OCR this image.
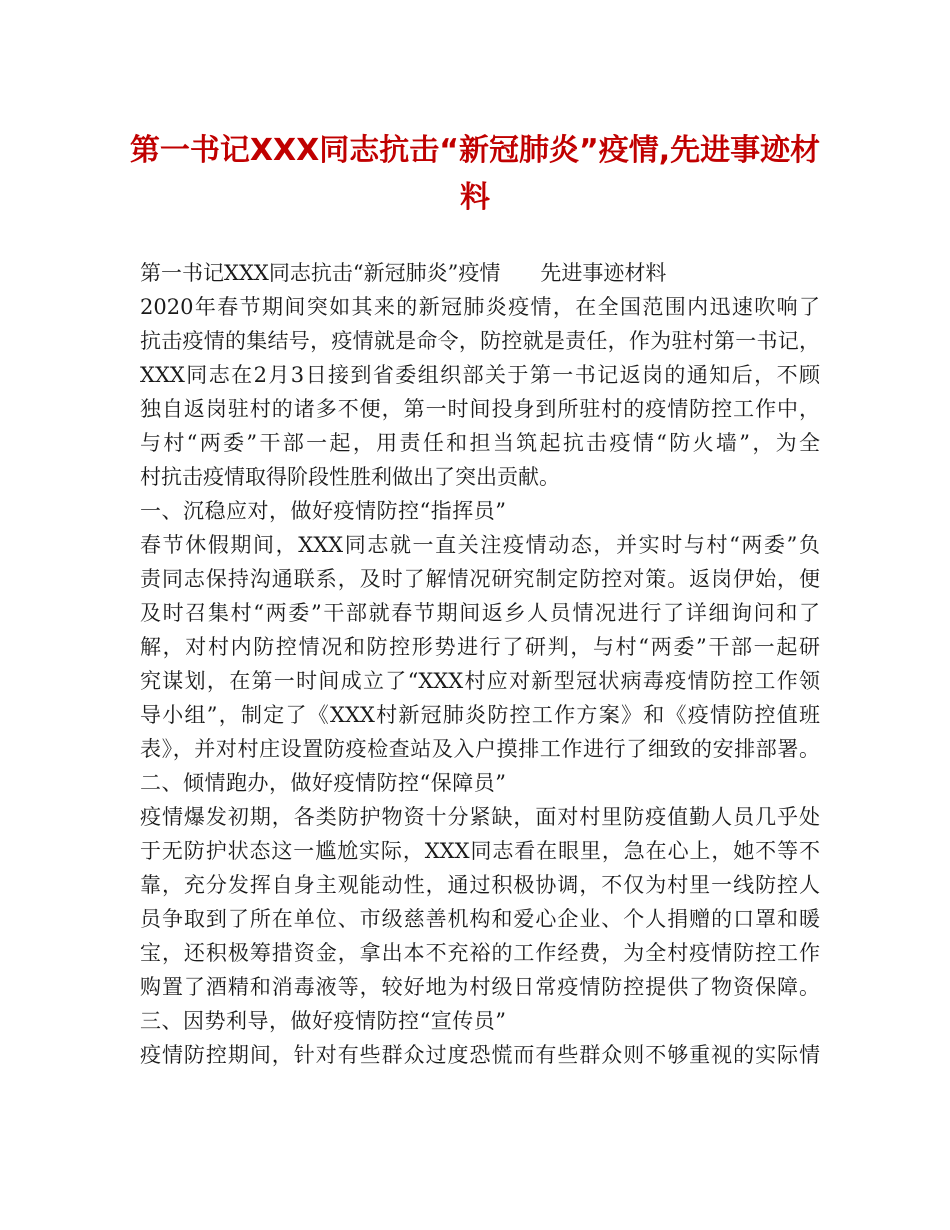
第一书记XXX同志抗击“新冠肺炎”疫情,先进事迹材
料
第一书记XXX同志抗击“新冠肺炎”疫情 先进事迹材料
2020年春节期间突如其来的新冠肺炎疫情，在全国范围内迅速吹响了
抗击疫情的集结号，疫情就是命令，防控就是责任，作为驻村第一书记，
XXX同志在2月3日接到省委组织部关于第一书记返岗的通知后，不顾
独自返岗驻村的诸多不便，第一时间投身到所驻村的疫情防控工作中，
与村“两委”干部一起，用责任和担当筑起抗击疫情“防火墙”，为全
村抗击疫情取得阶段性胜利做出了突出贡献。
一、沉稳应对，做好疫情防控“指挥员”
春节休假期间，XXX同志就一直关注疫情动态，并实时与村“两委”负
责同志保持沟通联系，及时了解情况研究制定防控对策。返岗伊始，便
及时召集村“两委”干部就春节期间返乡人员情况进行了详细询问和了
解，对村内防控情况和防控形势进行了研判，与村“两委”干部一起研
究谋划，在第一时间成立了“XXX村应对新型冠状病毒疫情防控工作领
导小组”，制定了《XXX村新冠肺炎防控工作方案》和《疫情防控值班
表》，并对村庄设置防疫检查站及入户摸排工作进行了细致的安排部署。
二、倾情跑办，做好疫情防控“保障员”
疫情爆发初期，各类防护物资十分紧缺，面对村里防疫值勤人员几乎处
于无防护状态这一尴尬实际，XXX同志看在眼里，急在心上，她不等不
靠，充分发挥自身主观能动性，通过积极协调，不仅为村里一线防控人
员争取到了所在单位、市级慈善机构和爱心企业、个人捐赠的口罩和暖
宝，还积极筹措资金，拿出本不充裕的工作经费，为全村疫情防控工作
购置了酒精和消毒液等，较好地为村级日常疫情防控提供了物资保障。
三、因势利导，做好疫情防控“宣传员”
疫情防控期间，针对有些群众过度恐慌而有些群众则不够重视的实际情
